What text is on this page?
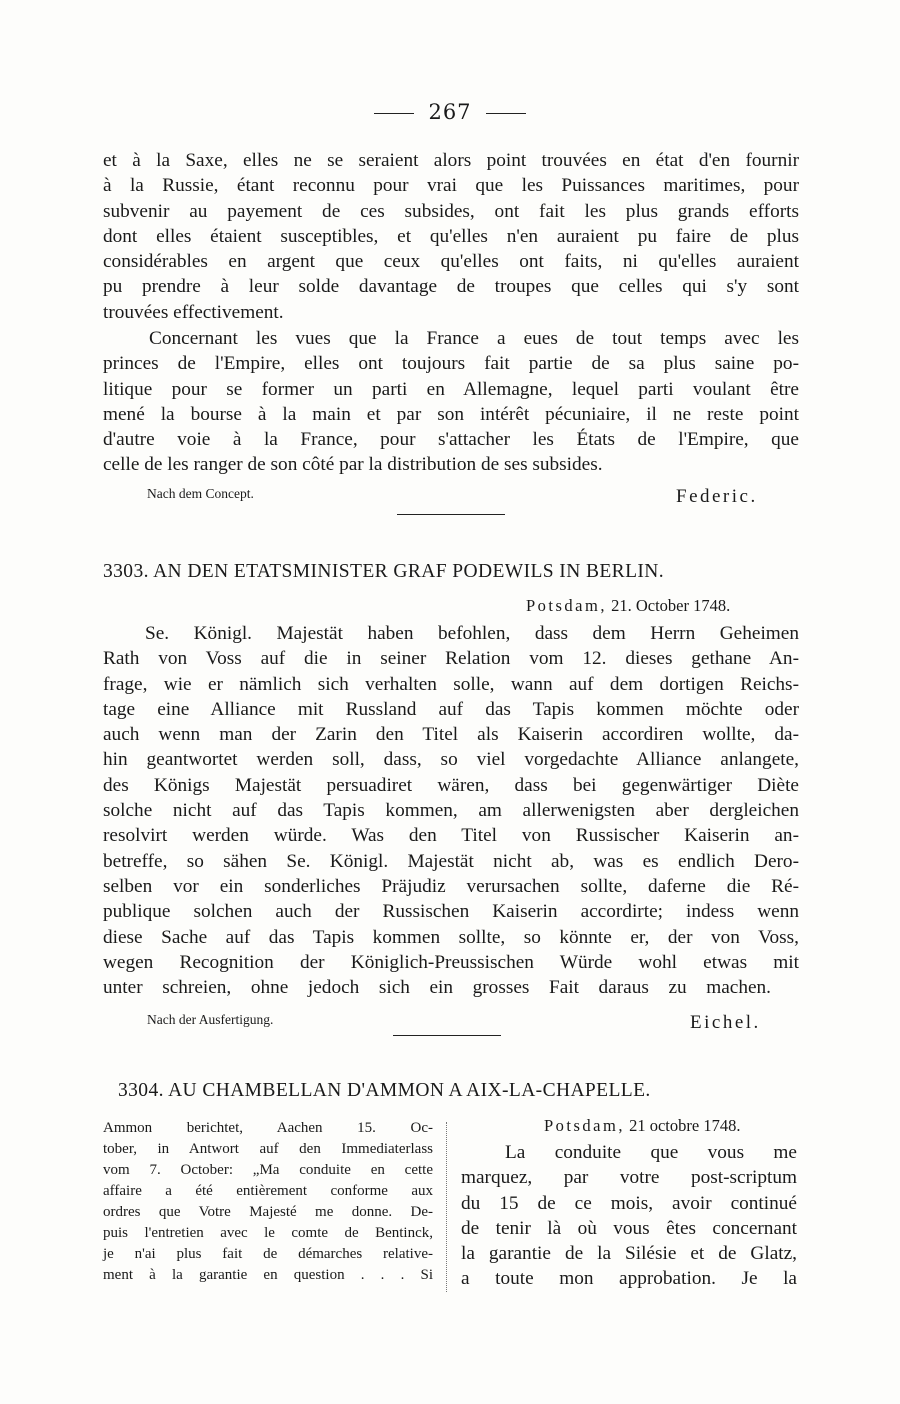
267
et à la Saxe, elles ne se seraient alors point trouvées en état d'en fournir
à la Russie, étant reconnu pour vrai que les Puissances maritimes, pour
subvenir au payement de ces subsides, ont fait les plus grands efforts
dont elles étaient susceptibles, et qu'elles n'en auraient pu faire de plus
considérables en argent que ceux qu'elles ont faits, ni qu'elles auraient
pu prendre à leur solde davantage de troupes que celles qui s'y sont
trouvées effectivement.
Concernant les vues que la France a eues de tout temps avec les
princes de l'Empire, elles ont toujours fait partie de sa plus saine po-
litique pour se former un parti en Allemagne, lequel parti voulant être
mené la bourse à la main et par son intérêt pécuniaire, il ne reste point
d'autre voie à la France, pour s'attacher les États de l'Empire, que
celle de les ranger de son côté par la distribution de ses subsides.
Nach dem Concept.	Federic.
3303. AN DEN ETATSMINISTER GRAF PODEWILS IN BERLIN.
Potsdam, 21. October 1748.
Se. Königl. Majestät haben befohlen, dass dem Herrn Geheimen
Rath von Voss auf die in seiner Relation vom 12. dieses gethane An-
frage, wie er nämlich sich verhalten solle, wann auf dem dortigen Reichs-
tage eine Alliance mit Russland auf das Tapis kommen möchte oder
auch wenn man der Zarin den Titel als Kaiserin accordiren wollte, da-
hin geantwortet werden soll, dass, so viel vorgedachte Alliance anlangete,
des Königs Majestät persuadiret wären, dass bei gegenwärtiger Diète
solche nicht auf das Tapis kommen, am allerwenigsten aber dergleichen
resolvirt werden würde. Was den Titel von Russischer Kaiserin an-
betreffe, so sähen Se. Königl. Majestät nicht ab, was es endlich Dero-
selben vor ein sonderliches Präjudiz verursachen sollte, daferne die Ré-
publique solchen auch der Russischen Kaiserin accordirte; indess wenn
diese Sache auf das Tapis kommen sollte, so könnte er, der von Voss,
wegen Recognition der Königlich-Preussischen Würde wohl etwas mit
unter schreien, ohne jedoch sich ein grosses Fait daraus zu machen.
Nach der Ausfertigung.	Eichel.
3304. AU CHAMBELLAN D'AMMON A AIX-LA-CHAPELLE.
Ammon berichtet, Aachen 15. Oc-
tober, in Antwort auf den Immediaterlass
vom 7. October: „Ma conduite en cette
affaire a été entièrement conforme aux
ordres que Votre Majesté me donne. De-
puis l'entretien avec le comte de Bentinck,
je n'ai plus fait de démarches relative-
ment à la garantie en question . . . Si
Potsdam, 21 octobre 1748.
La conduite que vous me
marquez, par votre post-scriptum
du 15 de ce mois, avoir continué
de tenir là où vous êtes concernant
la garantie de la Silésie et de Glatz,
a toute mon approbation. Je la
